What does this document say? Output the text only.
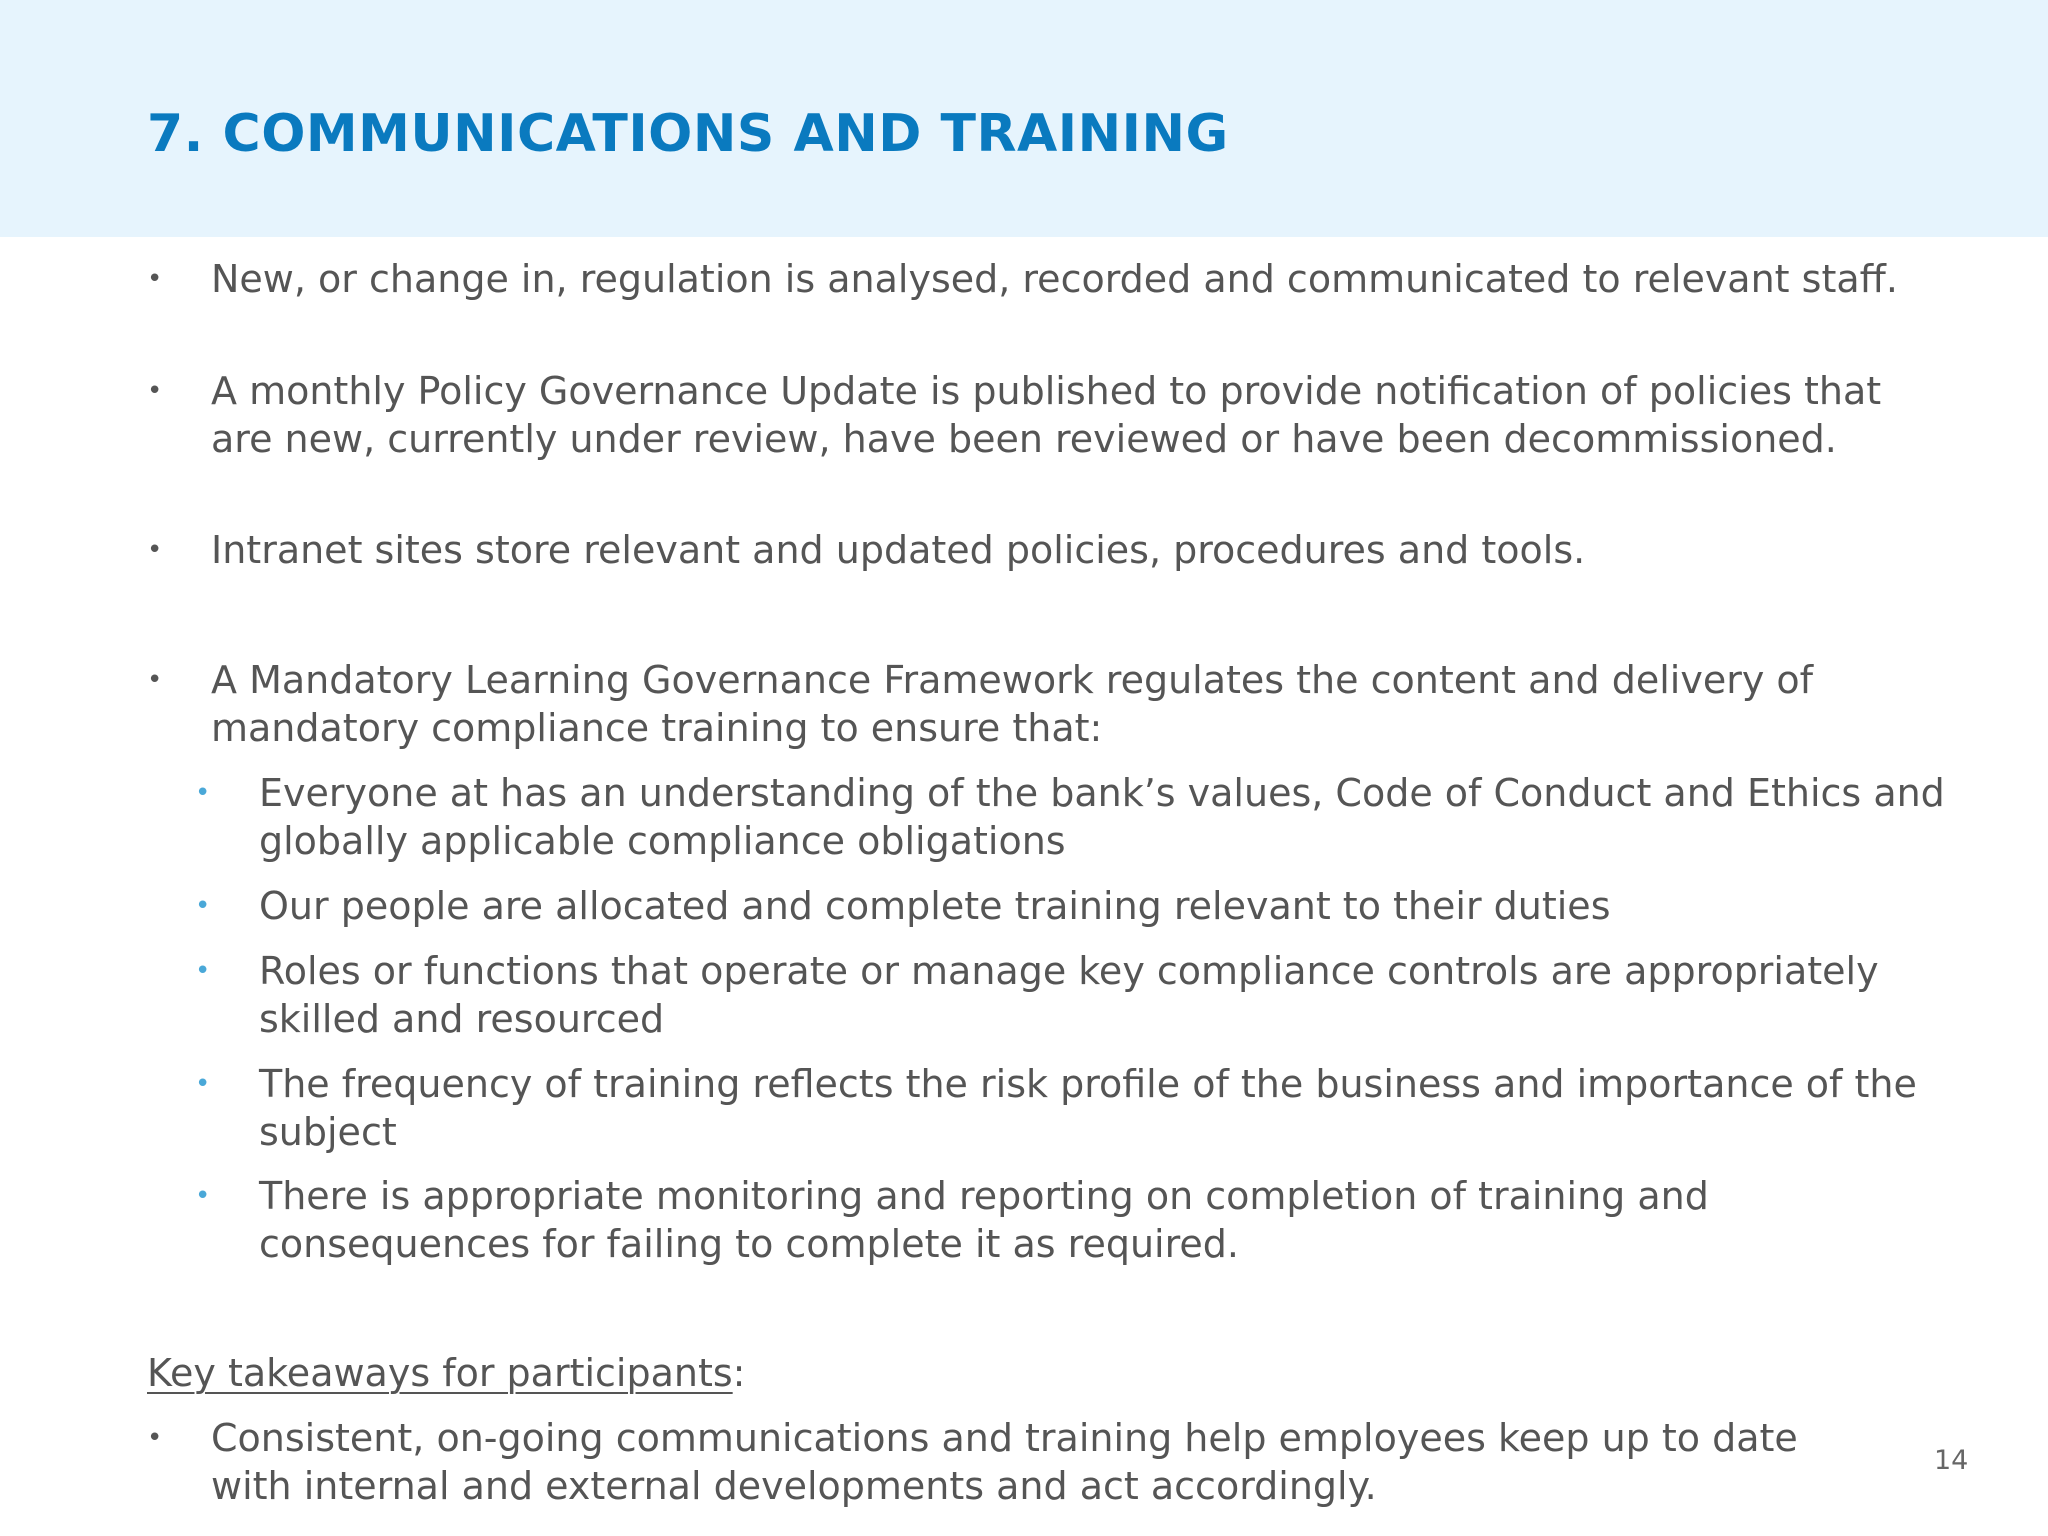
7. COMMUNICATIONS AND TRAINING
• New, or change in, regulation is analysed, recorded and communicated to relevant staff.
• A monthly Policy Governance Update is published to provide notification of policies that are new, currently under review, have been reviewed or have been decommissioned.
• Intranet sites store relevant and updated policies, procedures and tools.
• A Mandatory Learning Governance Framework regulates the content and delivery of mandatory compliance training to ensure that:
• Everyone at has an understanding of the bank’s values, Code of Conduct and Ethics and globally applicable compliance obligations
• Our people are allocated and complete training relevant to their duties
• Roles or functions that operate or manage key compliance controls are appropriately skilled and resourced
• The frequency of training reflects the risk profile of the business and importance of the subject
• There is appropriate monitoring and reporting on completion of training and consequences for failing to complete it as required.
Key takeaways for participants:
• Consistent, on-going communications and training help employees keep up to date with internal and external developments and act accordingly.
14
